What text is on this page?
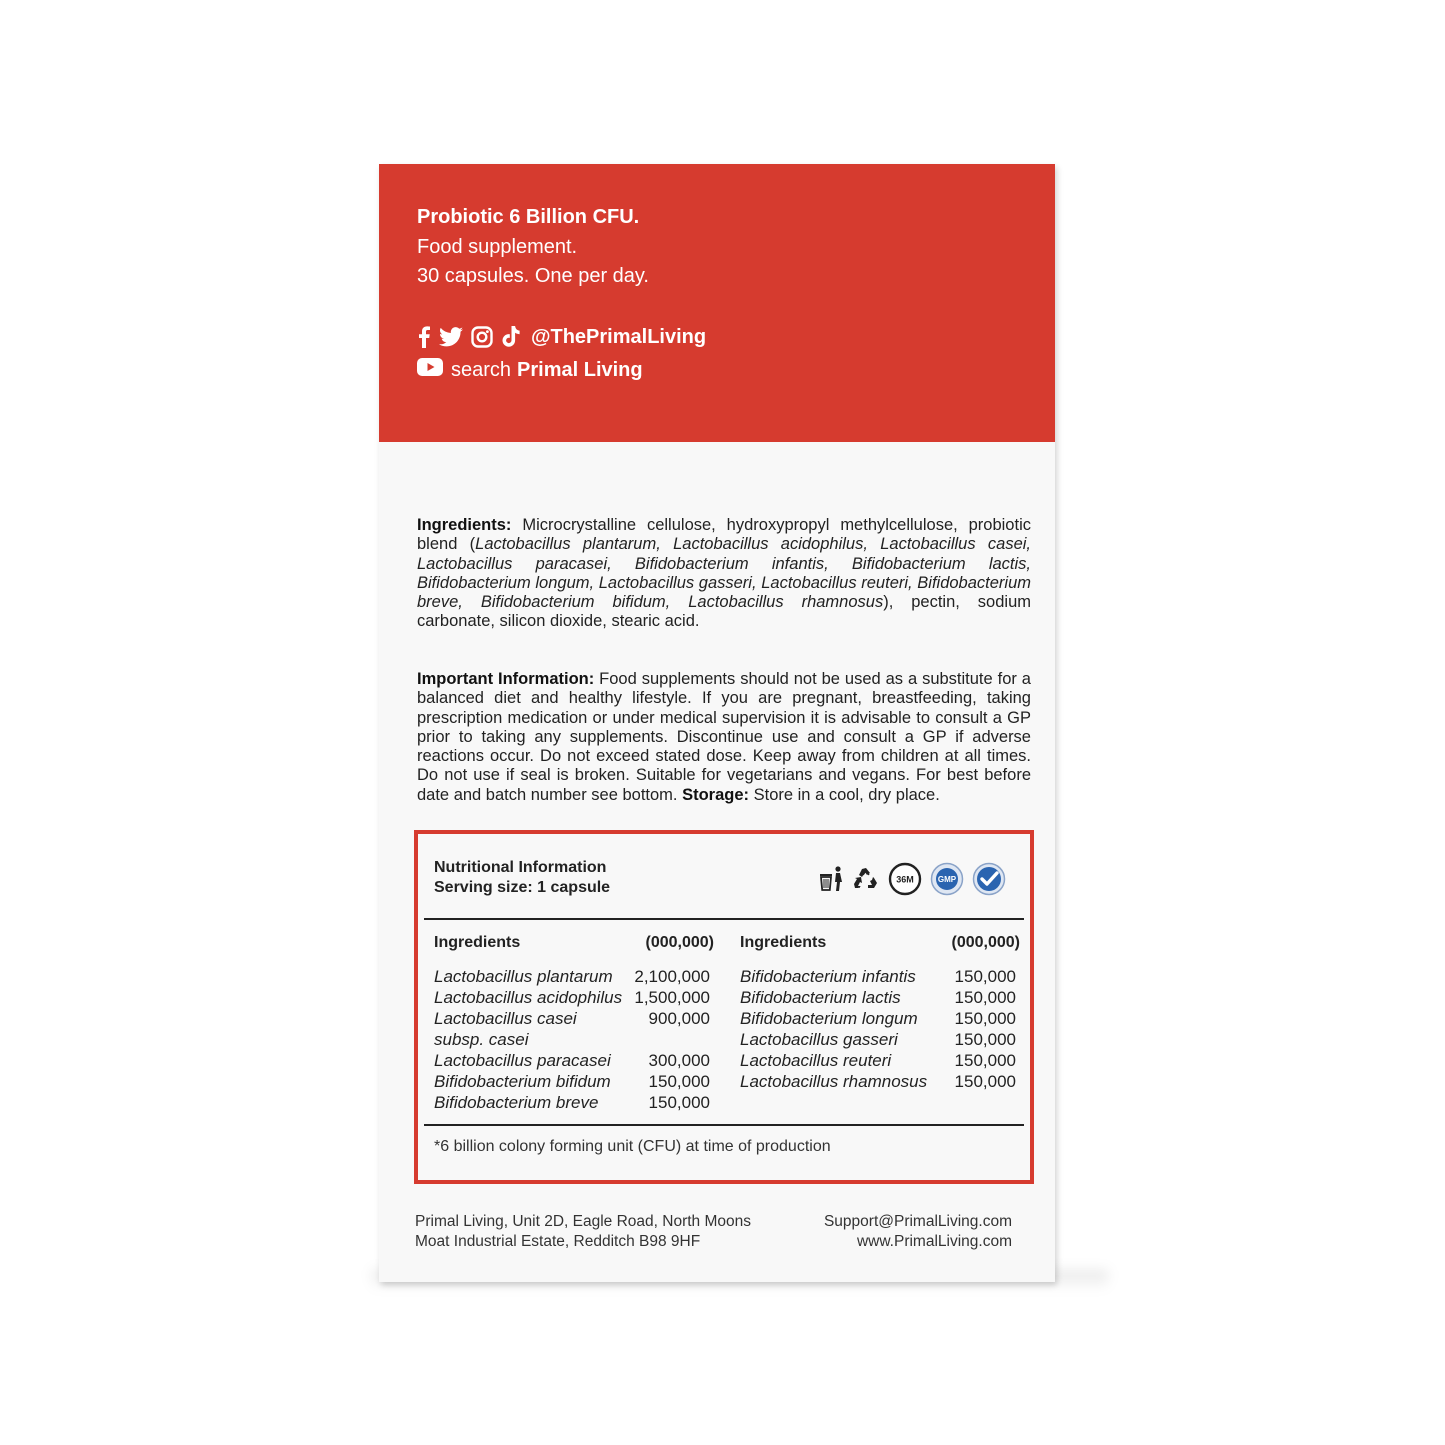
Probiotic 6 Billion CFU.
Food supplement.
30 capsules. One per day.
@ThePrimalLiving
search Primal Living
Ingredients: Microcrystalline cellulose, hydroxypropyl methylcellulose, probiotic blend (Lactobacillus plantarum, Lactobacillus acidophilus, Lactobacillus casei, Lactobacillus paracasei, Bifidobacterium infantis, Bifidobacterium lactis, Bifidobacterium longum, Lactobacillus gasseri, Lactobacillus reuteri, Bifidobacterium breve, Bifidobacterium bifidum, Lactobacillus rhamnosus), pectin, sodium carbonate, silicon dioxide, stearic acid.
Important Information: Food supplements should not be used as a substitute for a balanced diet and healthy lifestyle. If you are pregnant, breastfeeding, taking prescription medication or under medical supervision it is advisable to consult a GP prior to taking any supplements. Discontinue use and consult a GP if adverse reactions occur. Do not exceed stated dose. Keep away from children at all times. Do not use if seal is broken. Suitable for vegetarians and vegans. For best before date and batch number see bottom. Storage: Store in a cool, dry place.
Nutritional Information
Serving size: 1 capsule	36M	GMP
Ingredients	(000,000)
Lactobacillus plantarum 2,100,000
Lactobacillus acidophilus 1,500,000
Lactobacillus casei	900,000
subsp. casei
Lactobacillus paracasei 300,000
Bifidobacterium bifidum 150,000
Bifidobacterium breve	150,000
Ingredients	(000,000)
Bifidobacterium infantis 150,000
Bifidobacterium lactis	150,000
Bifidobacterium longum 150,000
Lactobacillus gasseri	150,000
Lactobacillus reuteri	150,000
Lactobacillus rhamnosus 150,000
*6 billion colony forming unit (CFU) at time of production
Primal Living, Unit 2D, Eagle Road, North Moons
Moat Industrial Estate, Redditch B98 9HF
Support@PrimalLiving.com
www.PrimalLiving.com
